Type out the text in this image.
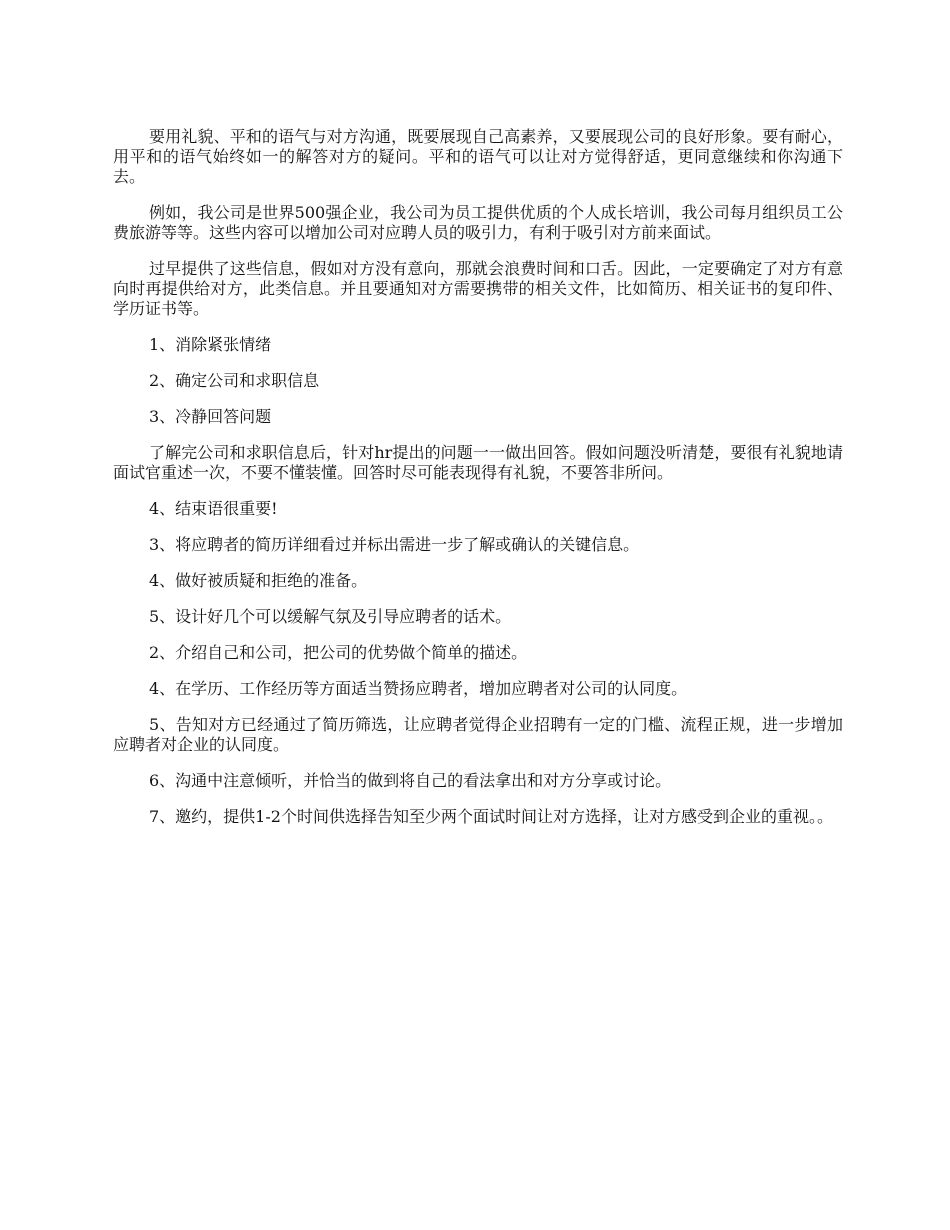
要用礼貌、平和的语气与对方沟通，既要展现自己高素养，又要展现公司的良好形象。要有耐心，用平和的语气始终如一的解答对方的疑问。平和的语气可以让对方觉得舒适，更同意继续和你沟通下去。

例如，我公司是世界500强企业，我公司为员工提供优质的个人成长培训，我公司每月组织员工公费旅游等等。这些内容可以增加公司对应聘人员的吸引力，有利于吸引对方前来面试。

过早提供了这些信息，假如对方没有意向，那就会浪费时间和口舌。因此，一定要确定了对方有意向时再提供给对方，此类信息。并且要通知对方需要携带的相关文件，比如简历、相关证书的复印件、学历证书等。

1、消除紧张情绪

2、确定公司和求职信息

3、冷静回答问题

了解完公司和求职信息后，针对hr提出的问题一一做出回答。假如问题没听清楚，要很有礼貌地请面试官重述一次，不要不懂装懂。回答时尽可能表现得有礼貌，不要答非所问。

4、结束语很重要!

3、将应聘者的简历详细看过并标出需进一步了解或确认的关键信息。

4、做好被质疑和拒绝的准备。

5、设计好几个可以缓解气氛及引导应聘者的话术。

2、介绍自己和公司，把公司的优势做个简单的描述。

4、在学历、工作经历等方面适当赞扬应聘者，增加应聘者对公司的认同度。

5、告知对方已经通过了简历筛选，让应聘者觉得企业招聘有一定的门槛、流程正规，进一步增加应聘者对企业的认同度。

6、沟通中注意倾听，并恰当的做到将自己的看法拿出和对方分享或讨论。

7、邀约，提供1-2个时间供选择告知至少两个面试时间让对方选择，让对方感受到企业的重视。。
